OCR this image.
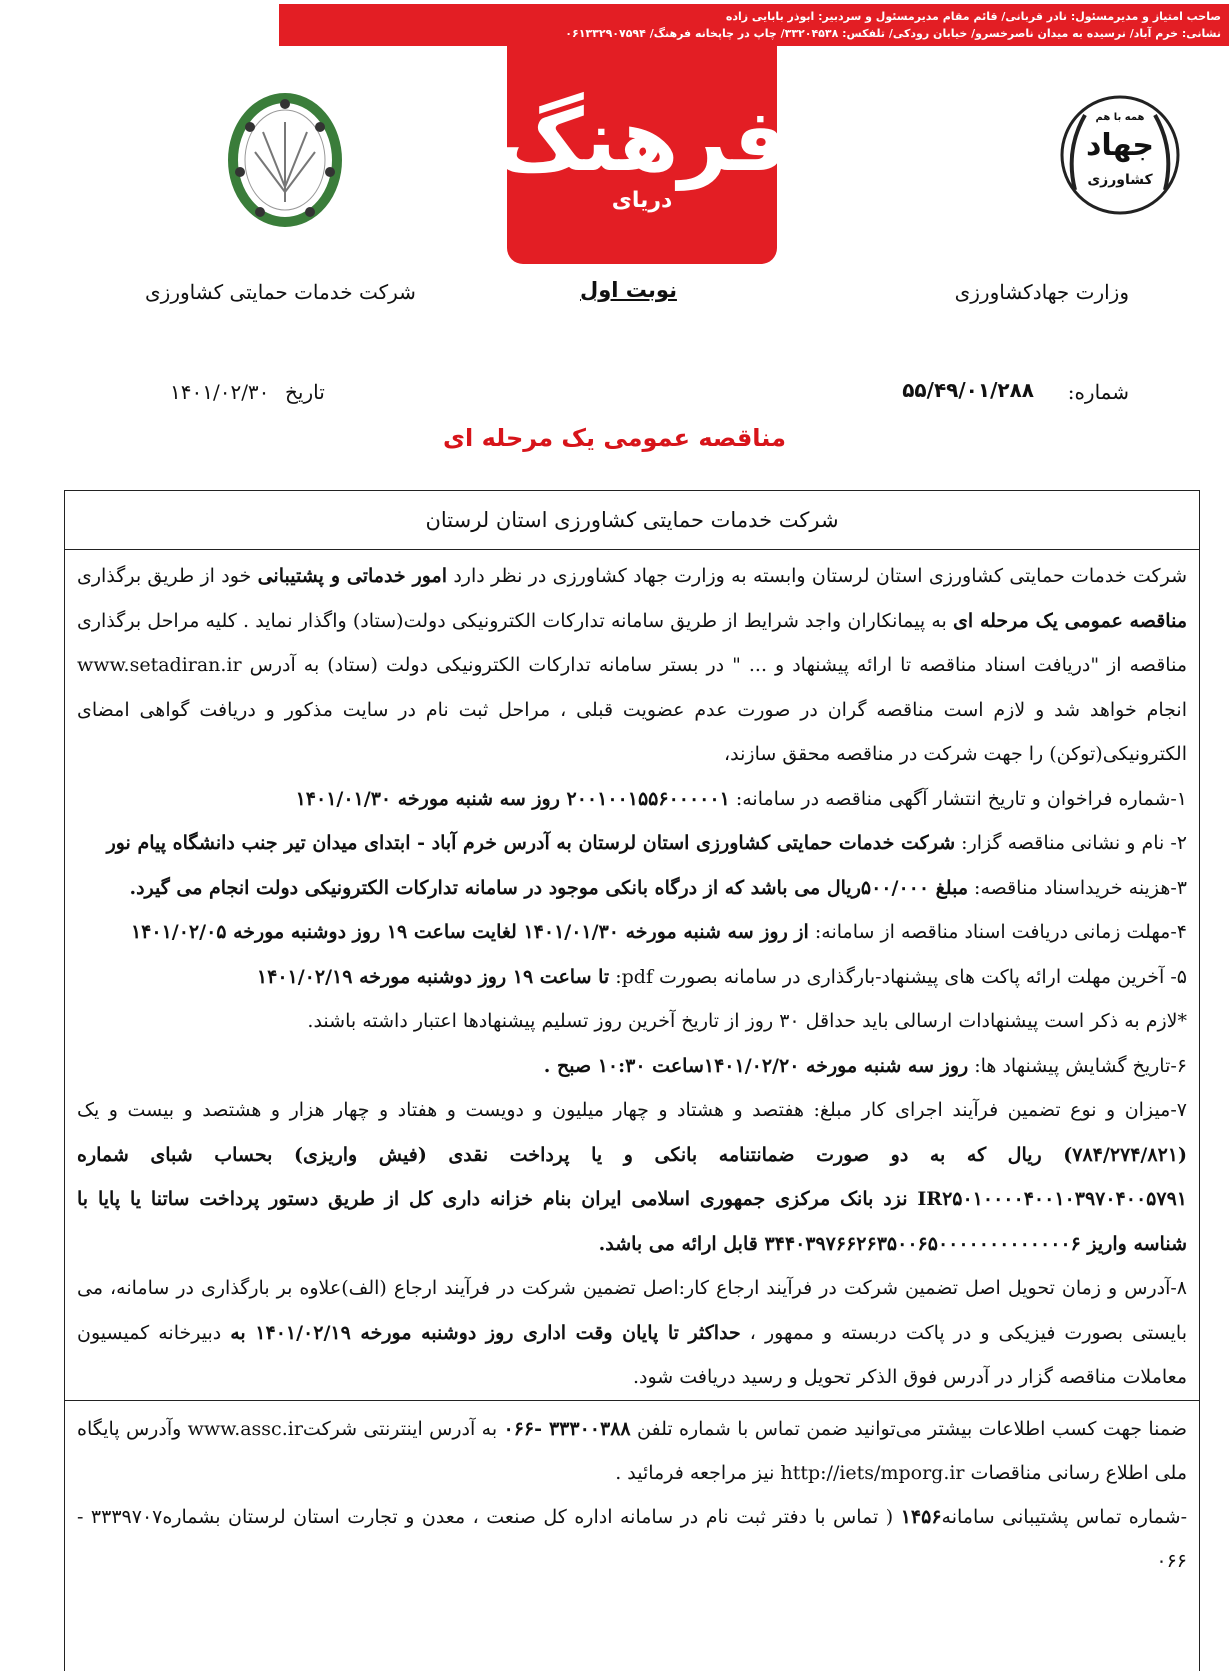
صاحب امتیاز و مدیرمسئول: نادر قربانی/ قائم مقام مدیرمسئول و سردبیر: ابوذر بابایی زاده
نشانی: خرم آباد/ نرسیده به میدان ناصرخسرو/ خیابان رودکی/ تلفکس: ۳۳۲۰۴۵۳۸/ چاپ در چاپخانه فرهنگ/ ۰۶۱۳۳۲۹۰۷۵۹۴
فرهنگ
دریای
همه با هم
جهاد
کشاورزی
وزارت جهادکشاورزی
نوبت اول
شرکت خدمات حمایتی کشاورزی
شماره:
۵۵/۴۹/۰۱/۲۸۸
تاریخ
۱۴۰۱/۰۲/۳۰
مناقصه عمومی یک مرحله ای
شرکت خدمات حمایتی کشاورزی استان لرستان

شرکت خدمات حمایتی کشاورزی استان لرستان وابسته به وزارت جهاد کشاورزی در نظر دارد امور خدماتی و پشتیبانی خود از طریق برگذاری مناقصه عمومی یک مرحله ای به پیمانکاران واجد شرایط از طریق سامانه تدارکات الکترونیکی دولت(ستاد) واگذار نماید . کلیه مراحل برگذاری مناقصه از "دریافت اسناد مناقصه تا ارائه پیشنهاد و ... " در بستر سامانه تدارکات الکترونیکی دولت (ستاد) به آدرس www.setadiran.ir انجام خواهد شد و لازم است مناقصه گران در صورت عدم عضویت قبلی ، مراحل ثبت نام در سایت مذکور و دریافت گواهی امضای الکترونیکی(توکن) را جهت شرکت در مناقصه محقق سازند،

۱-شماره فراخوان و تاریخ انتشار آگهی مناقصه در سامانه: ۲۰۰۱۰۰۱۵۵۶۰۰۰۰۰۱ روز سه شنبه مورخه ۱۴۰۱/۰۱/۳۰

۲- نام و نشانی مناقصه گزار: شرکت خدمات حمایتی کشاورزی استان لرستان به آدرس خرم آباد - ابتدای میدان تیر جنب دانشگاه پیام نور

۳-هزینه خریداسناد مناقصه: مبلغ ۵۰۰/۰۰۰ریال می باشد که از درگاه بانکی موجود در سامانه تدارکات الکترونیکی دولت انجام می گیرد.

۴-مهلت زمانی دریافت اسناد مناقصه از سامانه: از روز سه شنبه مورخه ۱۴۰۱/۰۱/۳۰ لغایت ساعت ۱۹ روز دوشنبه مورخه ۱۴۰۱/۰۲/۰۵

۵- آخرین مهلت ارائه پاکت های پیشنهاد-بارگذاری در سامانه بصورت pdf: تا ساعت ۱۹ روز دوشنبه مورخه ۱۴۰۱/۰۲/۱۹

*لازم به ذکر است پیشنهادات ارسالی باید حداقل ۳۰ روز از تاریخ آخرین روز تسلیم پیشنهادها اعتبار داشته باشند.

۶-تاریخ گشایش پیشنهاد ها: روز سه شنبه مورخه ۱۴۰۱/۰۲/۲۰ساعت ۱۰:۳۰ صبح .

۷-میزان و نوع تضمین فرآیند اجرای کار مبلغ: هفتصد و هشتاد و چهار میلیون و دویست و هفتاد و چهار هزار و هشتصد و بیست و یک (۷۸۴/۲۷۴/۸۲۱) ریال که به دو صورت ضمانتنامه بانکی و یا پرداخت نقدی (فیش واریزی) بحساب شبای شماره IR۲۵۰۱۰۰۰۰۴۰۰۱۰۳۹۷۰۴۰۰۵۷۹۱ نزد بانک مرکزی جمهوری اسلامی ایران بنام خزانه داری کل از طریق دستور پرداخت ساتنا یا پایا با شناسه واریز ۳۴۴۰۳۹۷۶۶۲۶۳۵۰۰۶۵۰۰۰۰۰۰۰۰۰۰۰۰۰۶ قابل ارائه می باشد.

۸-آدرس و زمان تحویل اصل تضمین شرکت در فرآیند ارجاع کار:اصل تضمین شرکت در فرآیند ارجاع (الف)علاوه بر بارگذاری در سامانه، می بایستی بصورت فیزیکی و در پاکت دربسته و ممهور ، حداکثر تا پایان وقت اداری روز دوشنبه مورخه ۱۴۰۱/۰۲/۱۹ به دبیرخانه کمیسیون معاملات مناقصه گزار در آدرس فوق الذکر تحویل و رسید دریافت شود.

ضمنا جهت کسب اطلاعات بیشتر می‌توانید ضمن تماس با شماره تلفن ۳۳۳۰۰۳۸۸ -۰۶۶ به آدرس اینترنتی شرکتwww.assc.ir وآدرس پایگاه ملی اطلاع رسانی مناقصات http://iets/mporg.ir نیز مراجعه فرمائید .

-شماره تماس پشتیبانی سامانه۱۴۵۶ ( تماس با دفتر ثبت نام در سامانه اداره کل صنعت ، معدن و تجارت استان لرستان بشماره۳۳۳۹۷۰۷ - ۰۶۶
